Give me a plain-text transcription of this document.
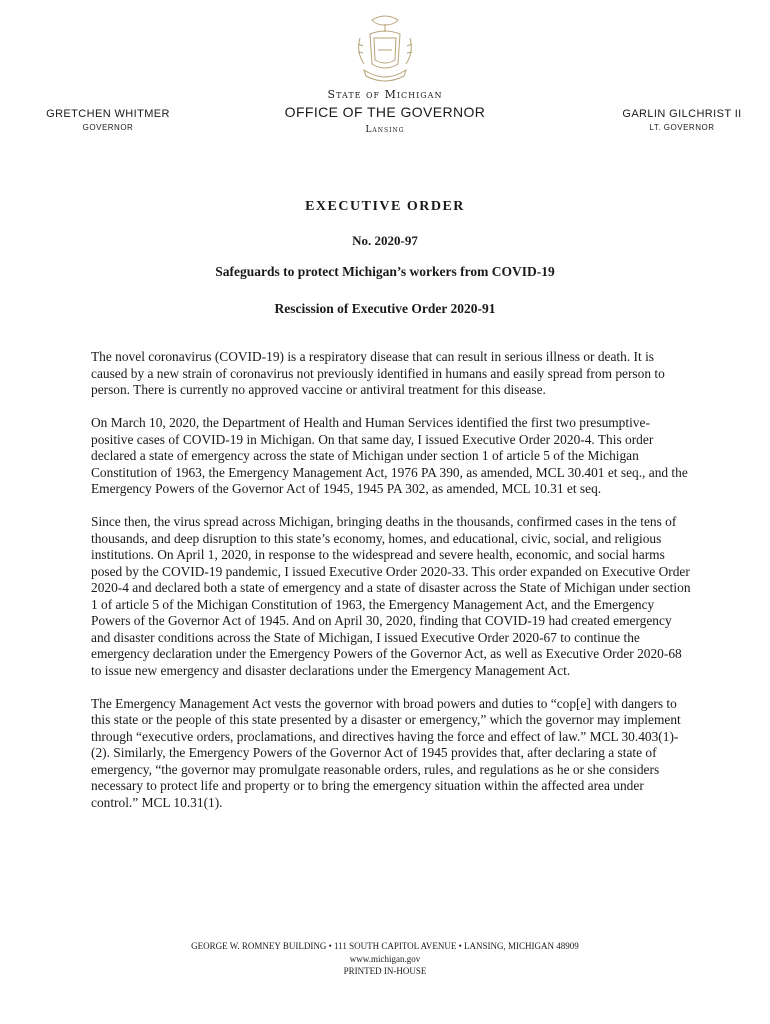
State of Michigan
OFFICE OF THE GOVERNOR
Lansing
GRETCHEN WHITMER
GOVERNOR
GARLIN GILCHRIST II
LT. GOVERNOR
EXECUTIVE ORDER
No. 2020-97
Safeguards to protect Michigan’s workers from COVID-19
Rescission of Executive Order 2020-91

The novel coronavirus (COVID-19) is a respiratory disease that can result in serious illness or death. It is caused by a new strain of coronavirus not previously identified in humans and easily spread from person to person. There is currently no approved vaccine or antiviral treatment for this disease.

On March 10, 2020, the Department of Health and Human Services identified the first two presumptive-positive cases of COVID-19 in Michigan. On that same day, I issued Executive Order 2020-4. This order declared a state of emergency across the state of Michigan under section 1 of article 5 of the Michigan Constitution of 1963, the Emergency Management Act, 1976 PA 390, as amended, MCL 30.401 et seq., and the Emergency Powers of the Governor Act of 1945, 1945 PA 302, as amended, MCL 10.31 et seq.

Since then, the virus spread across Michigan, bringing deaths in the thousands, confirmed cases in the tens of thousands, and deep disruption to this state’s economy, homes, and educational, civic, social, and religious institutions. On April 1, 2020, in response to the widespread and severe health, economic, and social harms posed by the COVID-19 pandemic, I issued Executive Order 2020-33. This order expanded on Executive Order 2020-4 and declared both a state of emergency and a state of disaster across the State of Michigan under section 1 of article 5 of the Michigan Constitution of 1963, the Emergency Management Act, and the Emergency Powers of the Governor Act of 1945. And on April 30, 2020, finding that COVID-19 had created emergency and disaster conditions across the State of Michigan, I issued Executive Order 2020-67 to continue the emergency declaration under the Emergency Powers of the Governor Act, as well as Executive Order 2020-68 to issue new emergency and disaster declarations under the Emergency Management Act.

The Emergency Management Act vests the governor with broad powers and duties to “cop[e] with dangers to this state or the people of this state presented by a disaster or emergency,” which the governor may implement through “executive orders, proclamations, and directives having the force and effect of law.” MCL 30.403(1)-(2). Similarly, the Emergency Powers of the Governor Act of 1945 provides that, after declaring a state of emergency, “the governor may promulgate reasonable orders, rules, and regulations as he or she considers necessary to protect life and property or to bring the emergency situation within the affected area under control.” MCL 10.31(1).

GEORGE W. ROMNEY BUILDING • 111 SOUTH CAPITOL AVENUE • LANSING, MICHIGAN 48909
www.michigan.gov
PRINTED IN-HOUSE
